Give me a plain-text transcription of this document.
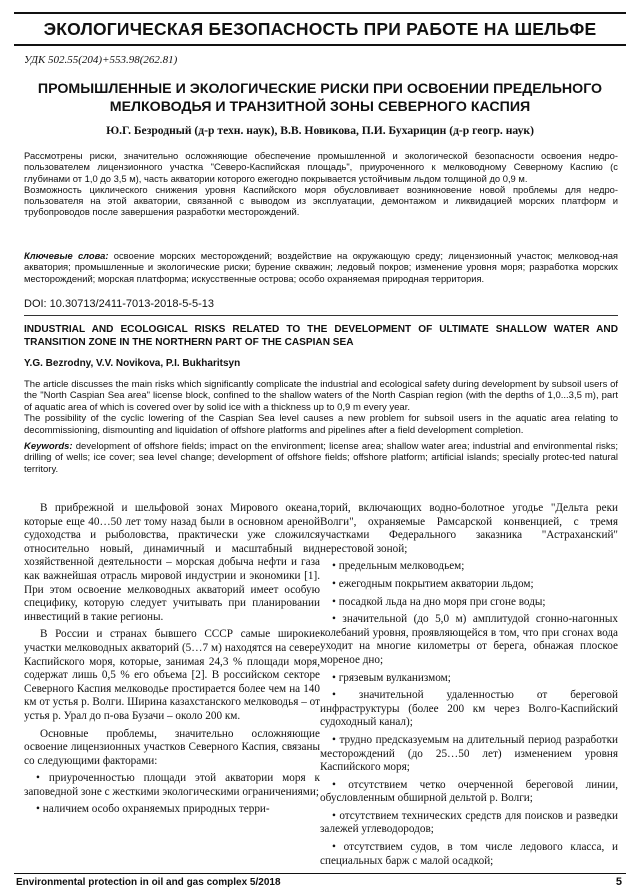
ЭКОЛОГИЧЕСКАЯ БЕЗОПАСНОСТЬ ПРИ РАБОТЕ НА ШЕЛЬФЕ
УДК 502.55(204)+553.98(262.81)
ПРОМЫШЛЕННЫЕ И ЭКОЛОГИЧЕСКИЕ РИСКИ ПРИ ОСВОЕНИИ ПРЕДЕЛЬНОГО МЕЛКОВОДЬЯ И ТРАНЗИТНОЙ ЗОНЫ СЕВЕРНОГО КАСПИЯ
Ю.Г. Безродный (д-р техн. наук), В.В. Новикова, П.И. Бухарицин (д-р геогр. наук)

Рассмотрены риски, значительно осложняющие обеспечение промышленной и экологической безопасности освоения недро-пользователем лицензионного участка "Северо-Каспийская площадь", приуроченного к мелководному Северному Каспию (с глубинами от 1,0 до 3,5 м), часть акватории которого ежегодно покрывается устойчивым льдом толщиной до 0,9 м.

Возможность циклического снижения уровня Каспийского моря обусловливает возникновение новой проблемы для недро-пользователя на этой акватории, связанной с выводом из эксплуатации, демонтажом и ликвидацией морских платформ и трубопроводов после завершения разработки месторождений.

Ключевые слова: освоение морских месторождений; воздействие на окружающую среду; лицензионный участок; мелковод-ная акватория; промышленные и экологические риски; бурение скважин; ледовый покров; изменение уровня моря; разработка морских месторождений; морская платформа; искусственные острова; особо охраняемая природная территория.
DOI: 10.30713/2411-7013-2018-5-5-13
INDUSTRIAL AND ECOLOGICAL RISKS RELATED TO THE DEVELOPMENT OF ULTIMATE SHALLOW WATER AND TRANSITION ZONE IN THE NORTHERN PART OF THE CASPIAN SEA
Y.G. Bezrodny, V.V. Novikova, P.I. Bukharitsyn

The article discusses the main risks which significantly complicate the industrial and ecological safety during development by subsoil users of the "North Caspian Sea area" license block, confined to the shallow waters of the North Caspian region (with the depths of 1,0...3,5 m), part of aquatic area of which is covered over by solid ice with a thickness up to 0,9 m every year.

The possibility of the cyclic lowering of the Caspian Sea level causes a new problem for subsoil users in the aquatic area relating to decommissioning, dismounting and liquidation of offshore platforms and pipelines after a field development completion.

Keywords: development of offshore fields; impact on the environment; license area; shallow water area; industrial and environmental risks; drilling of wells; ice cover; sea level change; development of offshore fields; offshore platform; artificial islands; specially protec-ted natural territory.

В прибрежной и шельфовой зонах Мирового океана, которые еще 40…50 лет тому назад были в основном ареной судоходства и рыболовства, практически уже сложился относительно новый, динамичный и масштабный вид хозяйственной деятельности – морская добыча нефти и газа как важнейшая отрасль мировой индустрии и экономики [1]. При этом освоение мелководных акваторий имеет особую специфику, которую следует учитывать при планировании инвестиций в такие регионы.

В России и странах бывшего СССР самые широкие участки мелководных акваторий (5…7 м) находятся на севере Каспийского моря, которые, занимая 24,3 % площади моря, содержат лишь 0,5 % его объема [2]. В российском секторе Северного Каспия мелководье простирается более чем на 140 км от устья р. Волги. Ширина казахстанского мелководья – от устья р. Урал до п-ова Бузачи – около 200 км.

Основные проблемы, значительно осложняющие освоение лицензионных участков Северного Каспия, связаны со следующими факторами:

• приуроченностью площади этой акватории моря к заповедной зоне с жесткими экологическими ограничениями;
• наличием особо охраняемых природных терри-

торий, включающих водно-болотное угодье "Дельта реки Волги", охраняемые Рамсарской конвенцией, с тремя участками Федерального заказника "Астраханский" нерестовой зоной;

• предельным мелководьем;
• ежегодным покрытием акватории льдом;
• посадкой льда на дно моря при сгоне воды;
• значительной (до 5,0 м) амплитудой сгонно-нагонных колебаний уровня, проявляющейся в том, что при сгонах вода уходит на многие километры от берега, обнажая плоское мореное дно;
• грязевым вулканизмом;
• значительной удаленностью от береговой инфраструктуры (более 200 км через Волго-Каспийский судоходный канал);
• трудно предсказуемым на длительный период разработки месторождений (до 25…50 лет) изменением уровня Каспийского моря;
• отсутствием четко очерченной береговой линии, обусловленным обширной дельтой р. Волги;
• отсутствием технических средств для поисков и разведки залежей углеводородов;
• отсутствием судов, в том числе ледового класса, и специальных барж с малой осадкой;
Environmental protection in oil and gas complex 5/2018	5
